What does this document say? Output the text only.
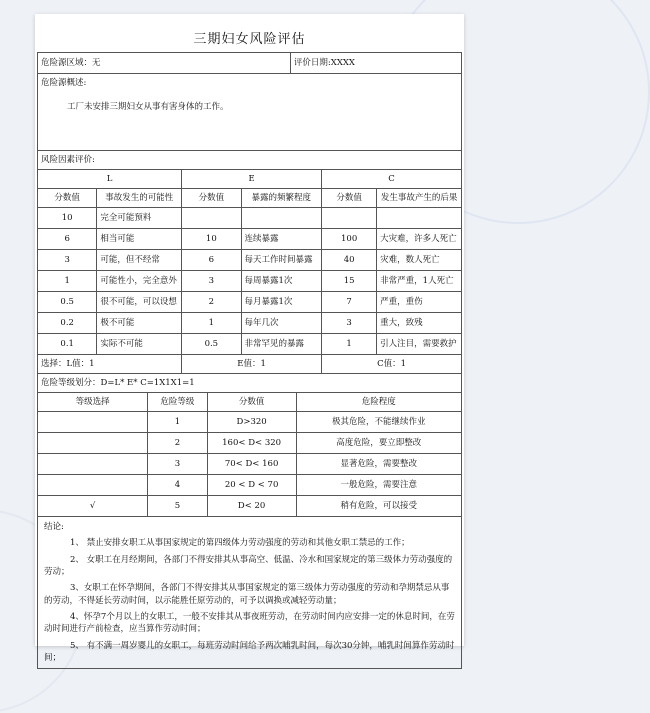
三期妇女风险评估
危险源区域：无	评价日期:XXXX
危险源概述:
工厂未安排三期妇女从事有害身体的工作。
风险因素评价:
L		E		C	
分数值	事故发生的可能性	分数值	暴露的频繁程度	分数值	发生事故产生的后果
10	完全可能预料				
6	相当可能	10	连续暴露	100	大灾难，许多人死亡
3	可能，但不经常	6	每天工作时间暴露	40	灾难，数人死亡
1	可能性小，完全意外	3	每周暴露1次	15	非常严重，1人死亡
0.5	很不可能，可以设想	2	每月暴露1次	7	严重，重伤
0.2	极不可能	1	每年几次	3	重大，致残
0.1	实际不可能	0.5	非常罕见的暴露	1	引人注目，需要救护
选择：L值：1		E值：1		C值：1	
危险等级划分：D=L* E* C=1X1X1=1
等级选择	危险等级	分数值	危险程度
	1	D>320	极其危险，不能继续作业
	2	160< D< 320	高度危险，要立即整改
	3	70< D< 160	显著危险，需要整改
	4	20 < D < 70	一般危险，需要注意
√	5	D< 20	稍有危险，可以接受

结论:

1、 禁止安排女职工从事国家规定的第四级体力劳动强度的劳动和其他女职工禁忌的工作；

2、 女职工在月经期间，各部门不得安排其从事高空、低温、冷水和国家规定的第三级体力劳动强度的劳动；

3、女职工在怀孕期间，各部门不得安排其从事国家规定的第三级体力劳动强度的劳动和孕期禁忌从事的劳动，不得延长劳动时间，以示能胜任原劳动的，可予以调换或减轻劳动量；

4、怀孕7个月以上的女职工，一般不安排其从事夜班劳动，在劳动时间内应安排一定的休息时间，在劳动时间进行产前检查，应当算作劳动时间；

5、 有不满一周岁婴儿的女职工，每班劳动时间给予两次哺乳时间，每次30分钟，哺乳时间算作劳动时间；
